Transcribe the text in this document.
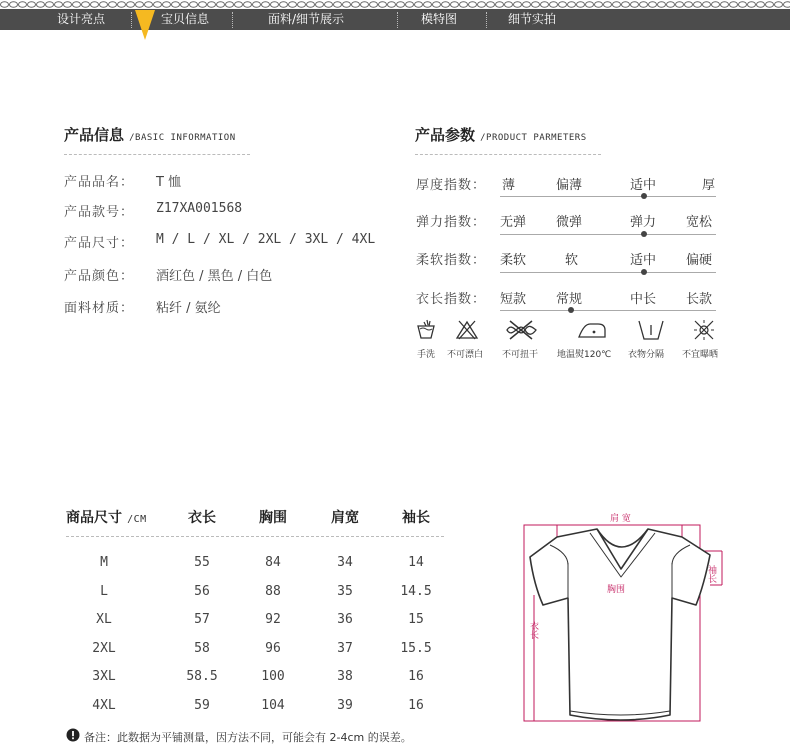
设计亮点	宝贝信息	面料/细节展示	模特图	细节实拍
产品信息 /BASIC INFORMATION
产品品名： T 恤
产品款号： Z17XA001568
产品尺寸： M / L / XL / 2XL / 3XL / 4XL
产品颜色： 酒红色 / 黑色 / 白色
面料材质： 粘纤 / 氨纶
产品参数 /PRODUCT PARMETERS
厚度指数： 薄	偏薄	适中	厚
弹力指数： 无弹 微弹	弹力 宽松
柔软指数： 柔软	软	适中 偏硬
衣长指数： 短款 常规	中长 长款
手洗 不可漂白 不可扭干 地温熨120℃ 衣物分隔 不宜曝晒
商品尺寸 /CM	衣长	胸围	肩宽	袖长
M	55	84	34	14
L	56	88	35	14.5
XL	57	92	36	15
2XL	58	96	37	15.5
3XL	58.5	100	38	16
4XL	59	104	39	16
备注：此数据为平铺测量，因方法不同，可能会有 2-4cm 的误差。
肩 宽
胸围
袖长
衣长
